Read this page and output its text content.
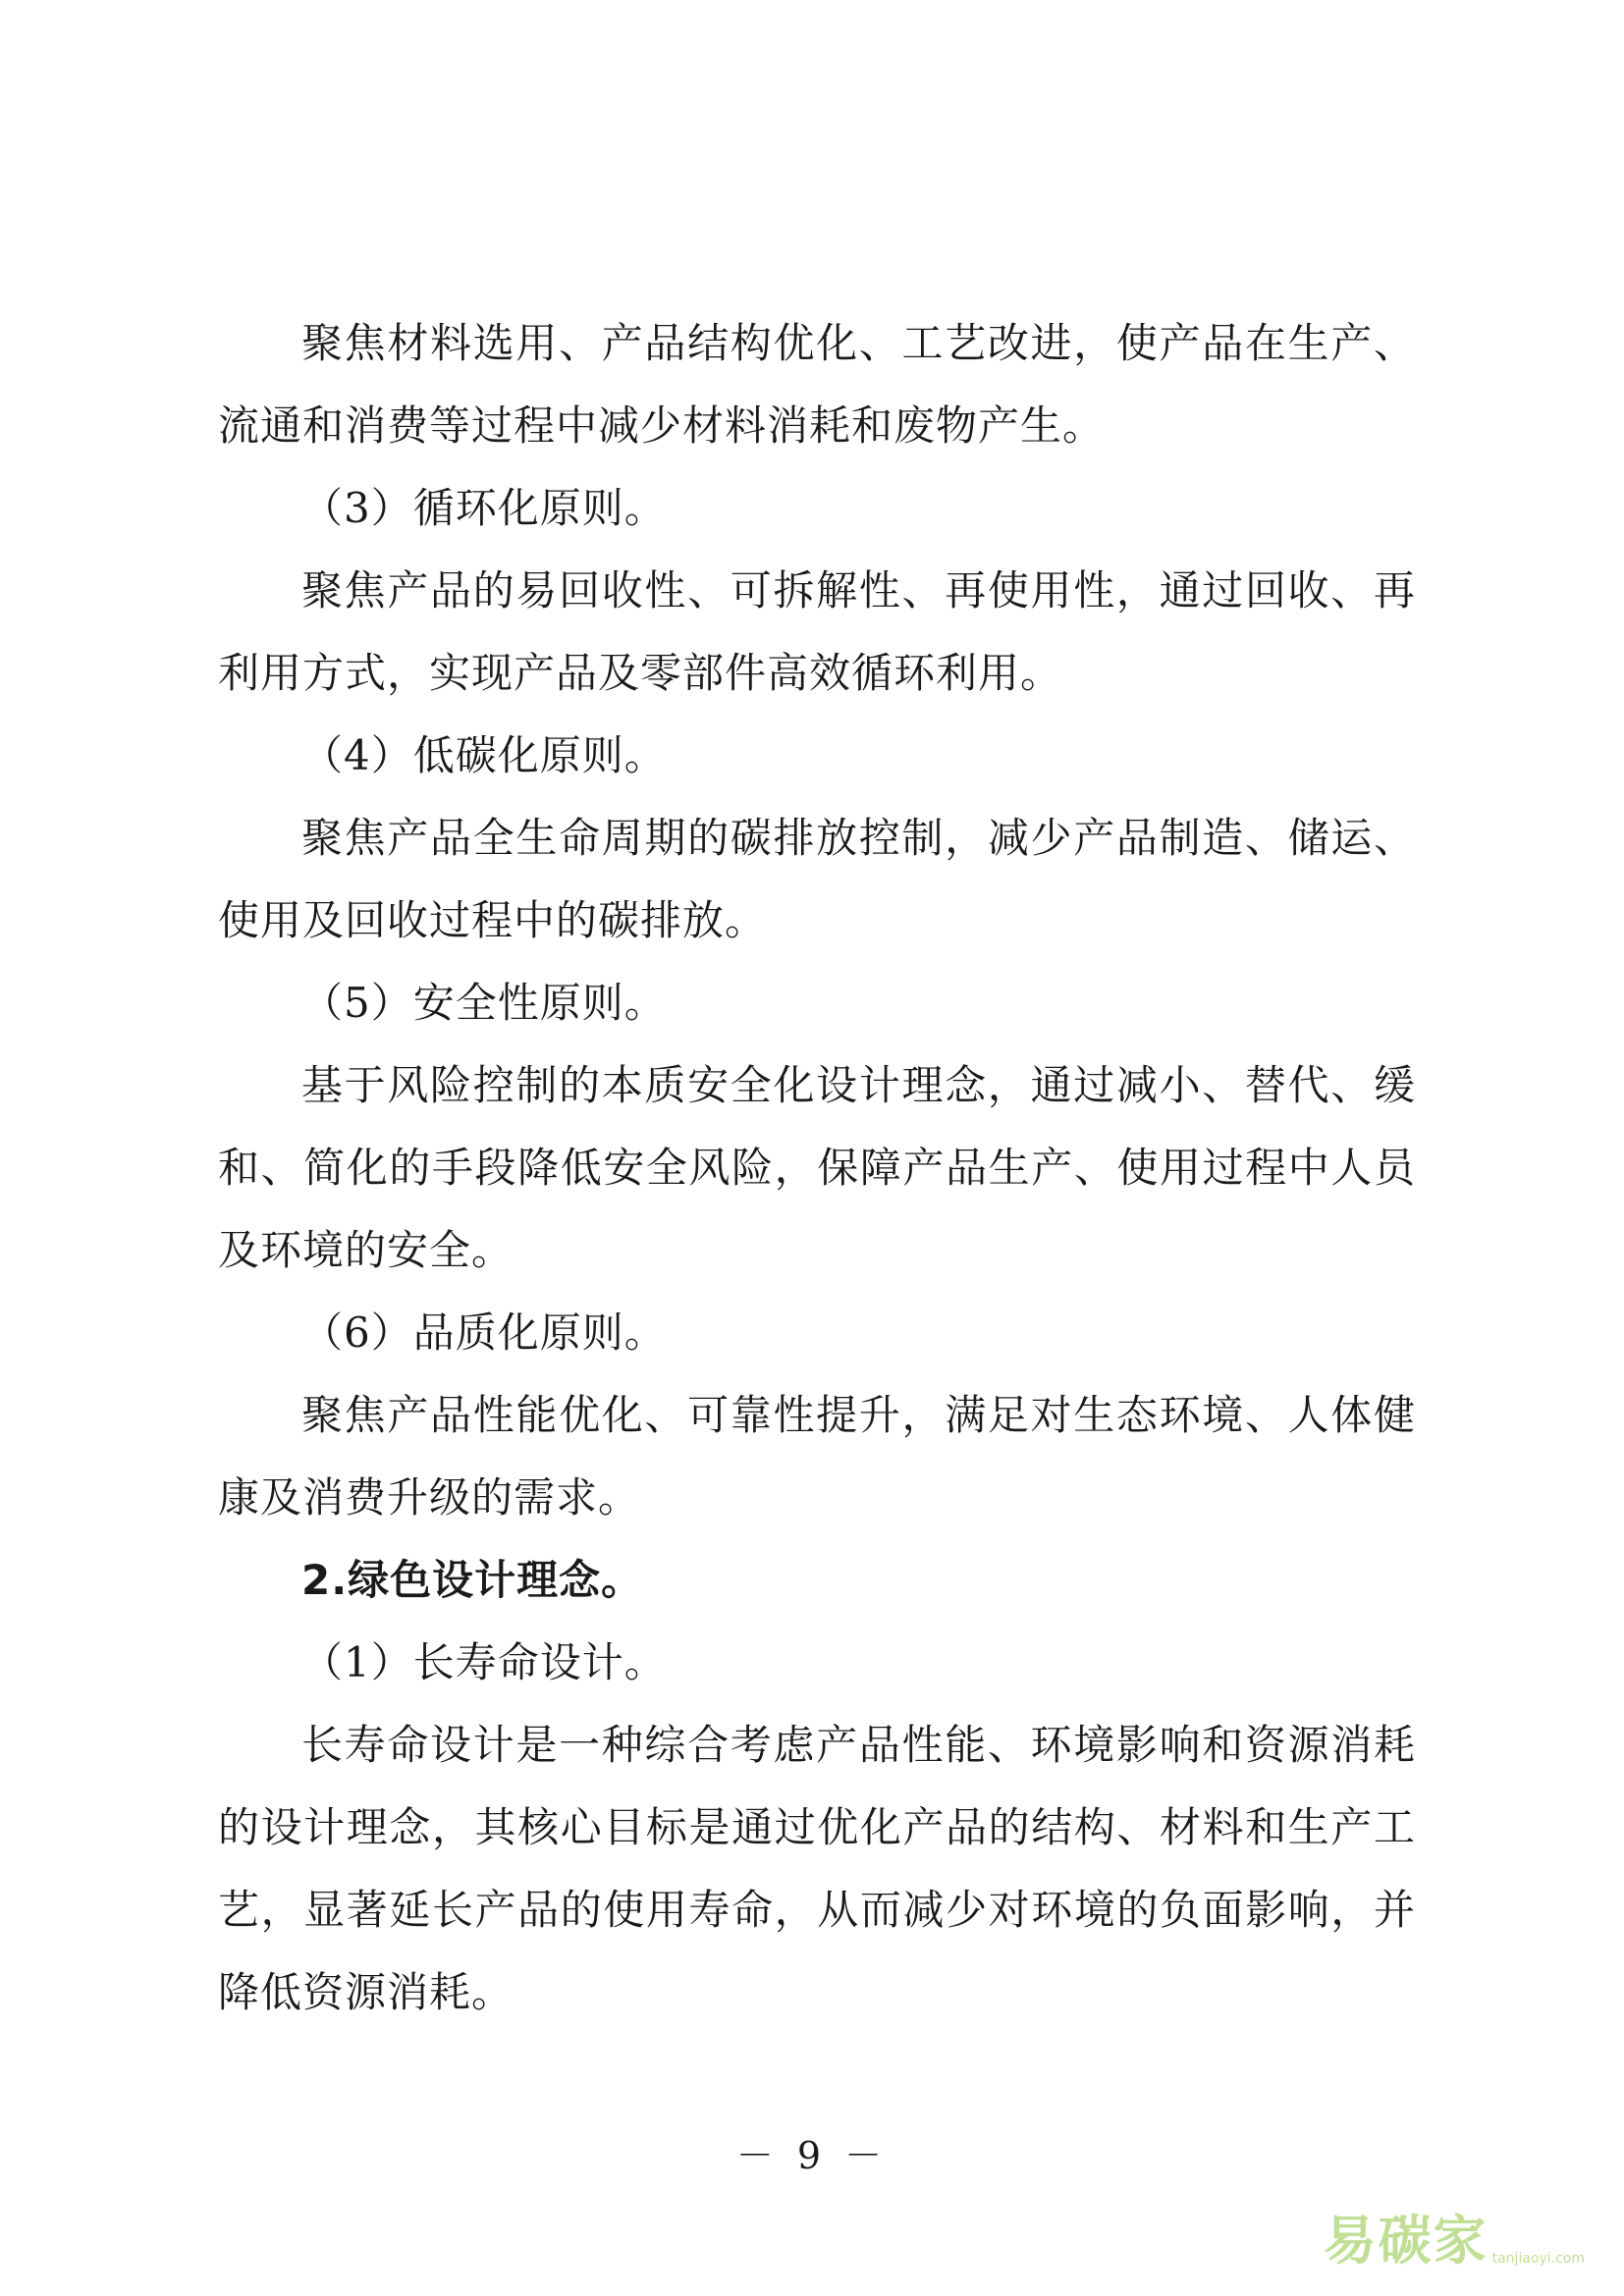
聚焦材料选用、产品结构优化、工艺改进，使产品在生产、流通和消费等过程中减少材料消耗和废物产生。

（3）循环化原则。

聚焦产品的易回收性、可拆解性、再使用性，通过回收、再利用方式，实现产品及零部件高效循环利用。

（4）低碳化原则。

聚焦产品全生命周期的碳排放控制，减少产品制造、储运、使用及回收过程中的碳排放。

（5）安全性原则。

基于风险控制的本质安全化设计理念，通过减小、替代、缓和、简化的手段降低安全风险，保障产品生产、使用过程中人员及环境的安全。

（6）品质化原则。

聚焦产品性能优化、可靠性提升，满足对生态环境、人体健康及消费升级的需求。

2.绿色设计理念。

（1）长寿命设计。

长寿命设计是一种综合考虑产品性能、环境影响和资源消耗的设计理念，其核心目标是通过优化产品的结构、材料和生产工艺，显著延长产品的使用寿命，从而减少对环境的负面影响，并降低资源消耗。

－ 9 －
易碳家 tanjiaoyi.com
